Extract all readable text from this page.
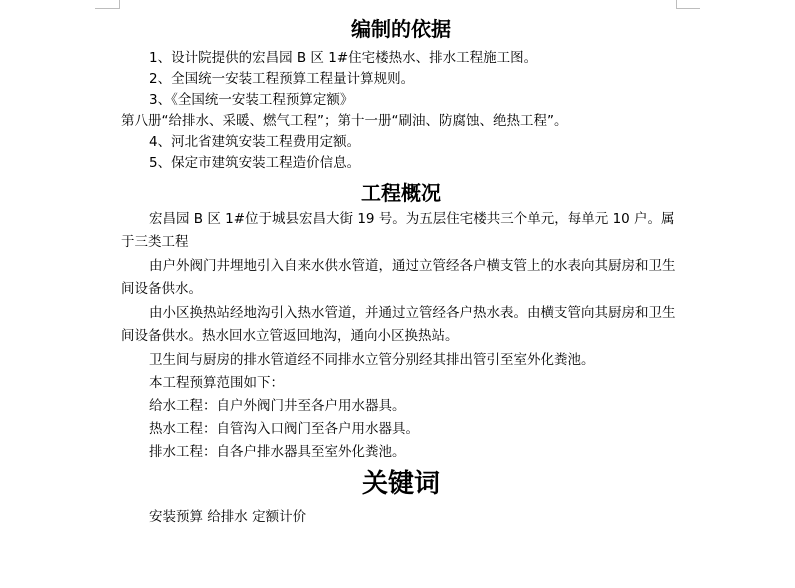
编制的依据
1、设计院提供的宏昌园 B 区 1#住宅楼热水、排水工程施工图。
2、全国统一安装工程预算工程量计算规则。
3、《全国统一安装工程预算定额》
第八册“给排水、采暖、燃气工程”；第十一册“刷油、防腐蚀、绝热工程”。
4、河北省建筑安装工程费用定额。
5、保定市建筑安装工程造价信息。
工程概况

宏昌园 B 区 1#位于城县宏昌大街 19 号。为五层住宅楼共三个单元，每单元 10 户。属于三类工程

由户外阀门井埋地引入自来水供水管道，通过立管经各户横支管上的水表向其厨房和卫生间设备供水。

由小区换热站经地沟引入热水管道，并通过立管经各户热水表。由横支管向其厨房和卫生间设备供水。热水回水立管返回地沟，通向小区换热站。

卫生间与厨房的排水管道经不同排水立管分别经其排出管引至室外化粪池。

本工程预算范围如下：

给水工程：自户外阀门井至各户用水器具。

热水工程：自管沟入口阀门至各户用水器具。

排水工程：自各户排水器具至室外化粪池。

关键词

安装预算 给排水 定额计价
